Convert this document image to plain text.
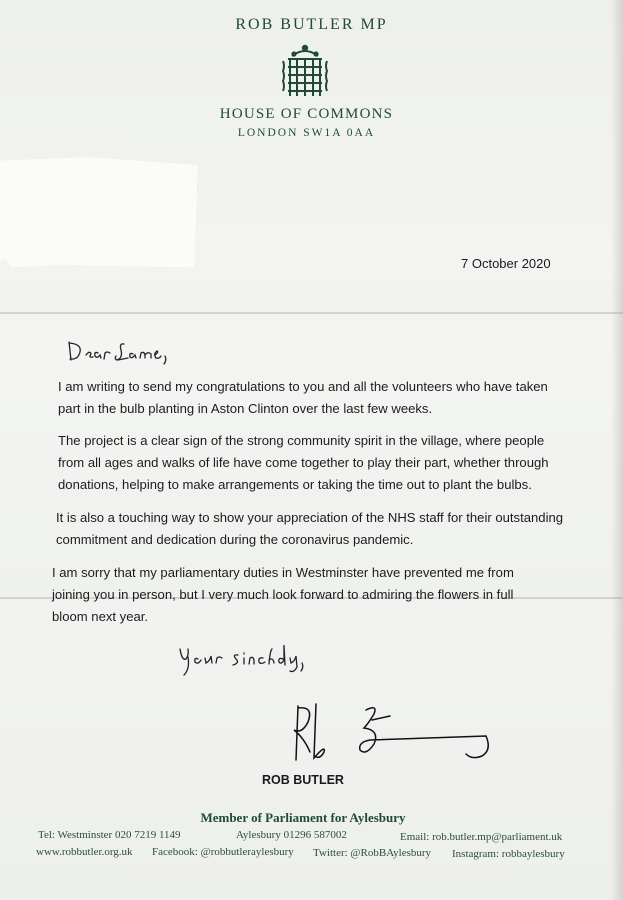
ROB BUTLER MP
HOUSE OF COMMONS
LONDON SW1A 0AA
7 October 2020
Dear Lamne,

I am writing to send my congratulations to you and all the volunteers who have taken
part in the bulb planting in Aston Clinton over the last few weeks.

The project is a clear sign of the strong community spirit in the village, where people
from all ages and walks of life have come together to play their part, whether through
donations, helping to make arrangements or taking the time out to plant the bulbs.

It is also a touching way to show your appreciation of the NHS staff for their outstanding
commitment and dedication during the coronavirus pandemic.

I am sorry that my parliamentary duties in Westminster have prevented me from
joining you in person, but I very much look forward to admiring the flowers in full
bloom next year.

Yours sincerely,
ROB BUTLER
Member of Parliament for Aylesbury
Tel: Westminster 020 7219 1149	Aylesbury 01296 587002	Email: rob.butler.mp@parliament.uk
www.robbutler.org.uk Facebook: @robbutleraylesbury Twitter: @RobBAylesbury Instagram: robbaylesbury
